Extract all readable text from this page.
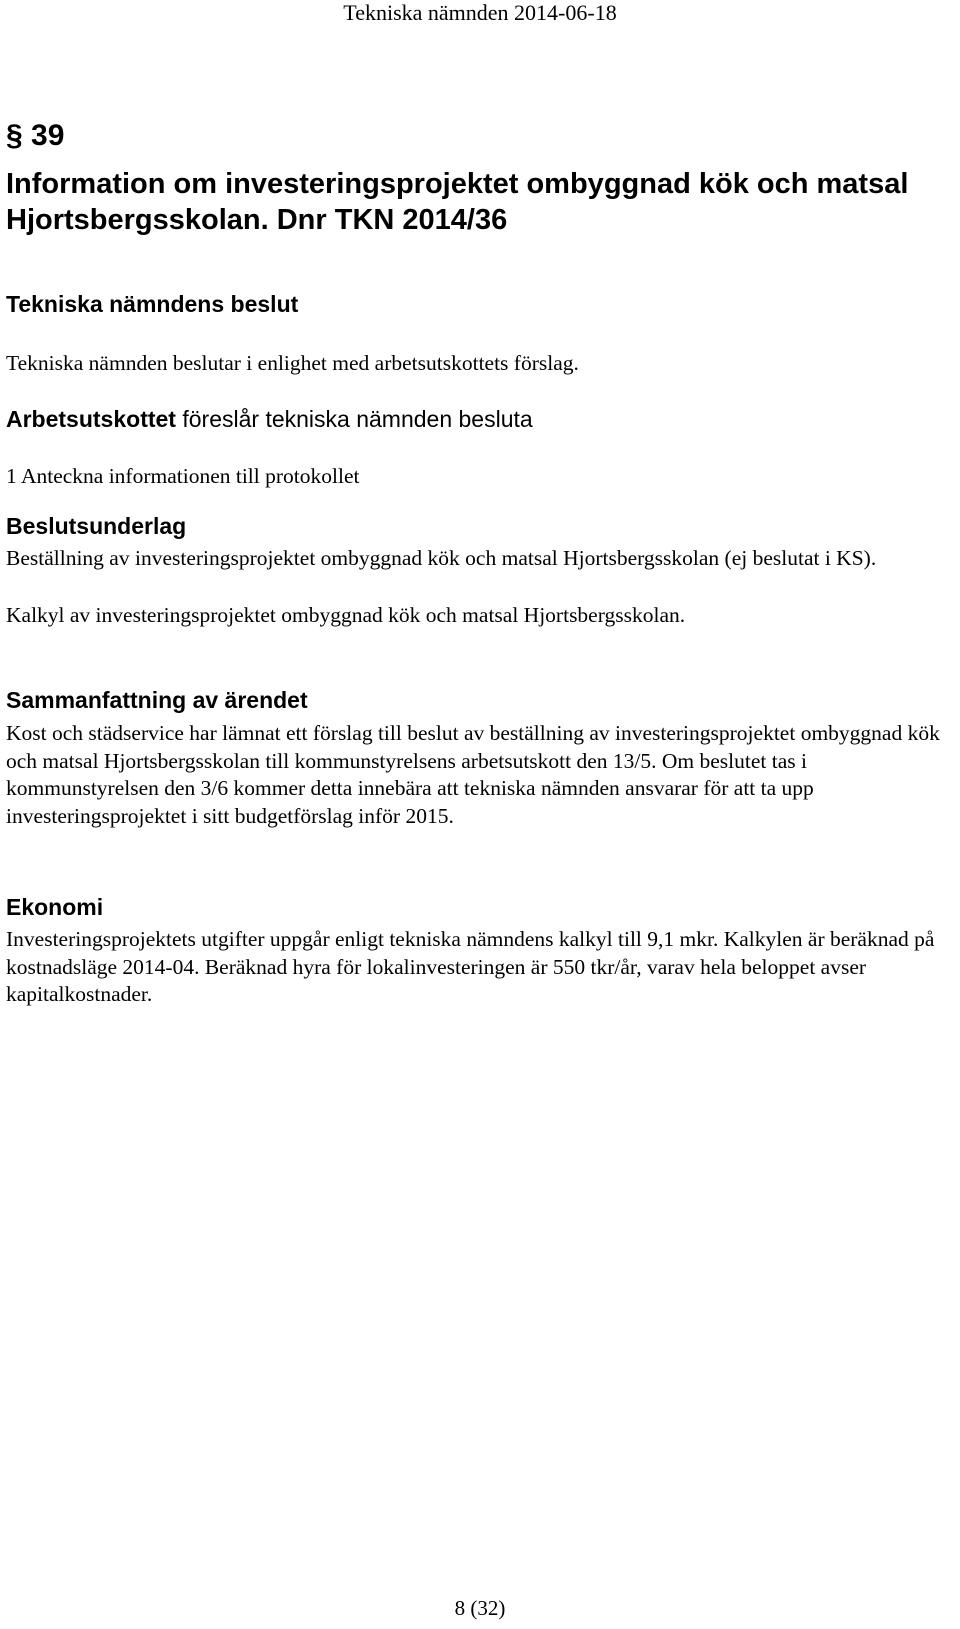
Tekniska nämnden 2014-06-18
§ 39
Information om investeringsprojektet ombyggnad kök och matsal Hjortsbergsskolan. Dnr TKN 2014/36
Tekniska nämndens beslut

Tekniska nämnden beslutar i enlighet med arbetsutskottets förslag.

Arbetsutskottet föreslår tekniska nämnden besluta

1 Anteckna informationen till protokollet

Beslutsunderlag

Beställning av investeringsprojektet ombyggnad kök och matsal Hjortsbergsskolan (ej beslutat i KS).

Kalkyl av investeringsprojektet ombyggnad kök och matsal Hjortsbergsskolan.

Sammanfattning av ärendet

Kost och städservice har lämnat ett förslag till beslut av beställning av investeringsprojektet ombyggnad kök och matsal Hjortsbergsskolan till kommunstyrelsens arbetsutskott den 13/5. Om beslutet tas i kommunstyrelsen den 3/6 kommer detta innebära att tekniska nämnden ansvarar för att ta upp investeringsprojektet i sitt budgetförslag inför 2015.

Ekonomi

Investeringsprojektets utgifter uppgår enligt tekniska nämndens kalkyl till 9,1 mkr. Kalkylen är beräknad på kostnadsläge 2014-04. Beräknad hyra för lokalinvesteringen är 550 tkr/år, varav hela beloppet avser kapitalkostnader.

8 (32)
